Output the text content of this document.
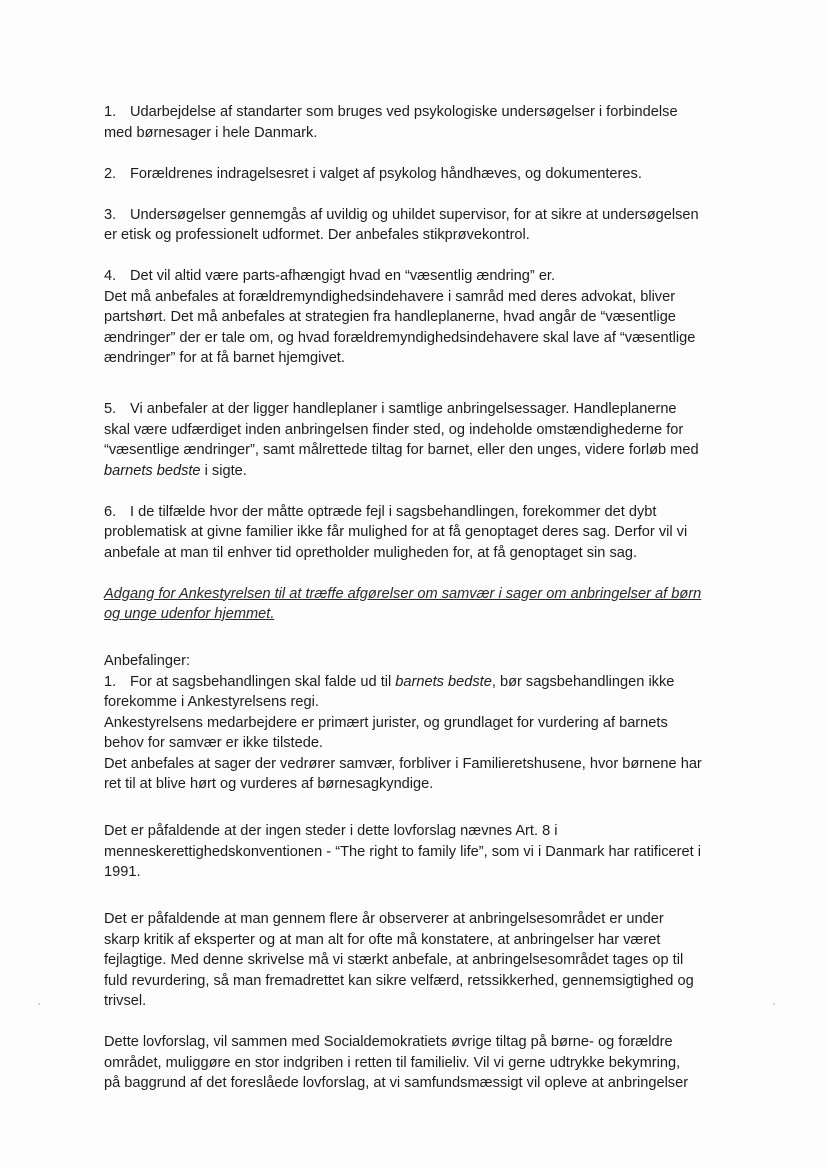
1. Udarbejdelse af standarter som bruges ved psykologiske undersøgelser i forbindelse
med børnesager i hele Danmark.
2. Forældrenes indragelsesret i valget af psykolog håndhæves, og dokumenteres.
3. Undersøgelser gennemgås af uvildig og uhildet supervisor, for at sikre at undersøgelsen
er etisk og professionelt udformet. Der anbefales stikprøvekontrol.
4. Det vil altid være parts-afhængigt hvad en “væsentlig ændring” er.
Det må anbefales at forældremyndighedsindehavere i samråd med deres advokat, bliver
partshørt. Det må anbefales at strategien fra handleplanerne, hvad angår de “væsentlige
ændringer” der er tale om, og hvad forældremyndighedsindehavere skal lave af “væsentlige
ændringer” for at få barnet hjemgivet.
5. Vi anbefaler at der ligger handleplaner i samtlige anbringelsessager. Handleplanerne
skal være udfærdiget inden anbringelsen finder sted, og indeholde omstændighederne for
“væsentlige ændringer”, samt målrettede tiltag for barnet, eller den unges, videre forløb med
barnets bedste i sigte.
6. I de tilfælde hvor der måtte optræde fejl i sagsbehandlingen, forekommer det dybt
problematisk at givne familier ikke får mulighed for at få genoptaget deres sag. Derfor vil vi
anbefale at man til enhver tid opretholder muligheden for, at få genoptaget sin sag.
Adgang for Ankestyrelsen til at træffe afgørelser om samvær i sager om anbringelser af børn
og unge udenfor hjemmet.
Anbefalinger:
1. For at sagsbehandlingen skal falde ud til barnets bedste, bør sagsbehandlingen ikke
forekomme i Ankestyrelsens regi.
Ankestyrelsens medarbejdere er primært jurister, og grundlaget for vurdering af barnets
behov for samvær er ikke tilstede.
Det anbefales at sager der vedrører samvær, forbliver i Familieretshusene, hvor børnene har
ret til at blive hørt og vurderes af børnesagkyndige.
Det er påfaldende at der ingen steder i dette lovforslag nævnes Art. 8 i
menneskerettighedskonventionen - “The right to family life”, som vi i Danmark har ratificeret i
1991.
Det er påfaldende at man gennem flere år observerer at anbringelsesområdet er under
skarp kritik af eksperter og at man alt for ofte må konstatere, at anbringelser har været
fejlagtige. Med denne skrivelse må vi stærkt anbefale, at anbringelsesområdet tages op til
fuld revurdering, så man fremadrettet kan sikre velfærd, retssikkerhed, gennemsigtighed og
trivsel.
Dette lovforslag, vil sammen med Socialdemokratiets øvrige tiltag på børne- og forældre
området, muliggøre en stor indgriben i retten til familieliv. Vil vi gerne udtrykke bekymring,
på baggrund af det foreslåede lovforslag, at vi samfundsmæssigt vil opleve at anbringelser
